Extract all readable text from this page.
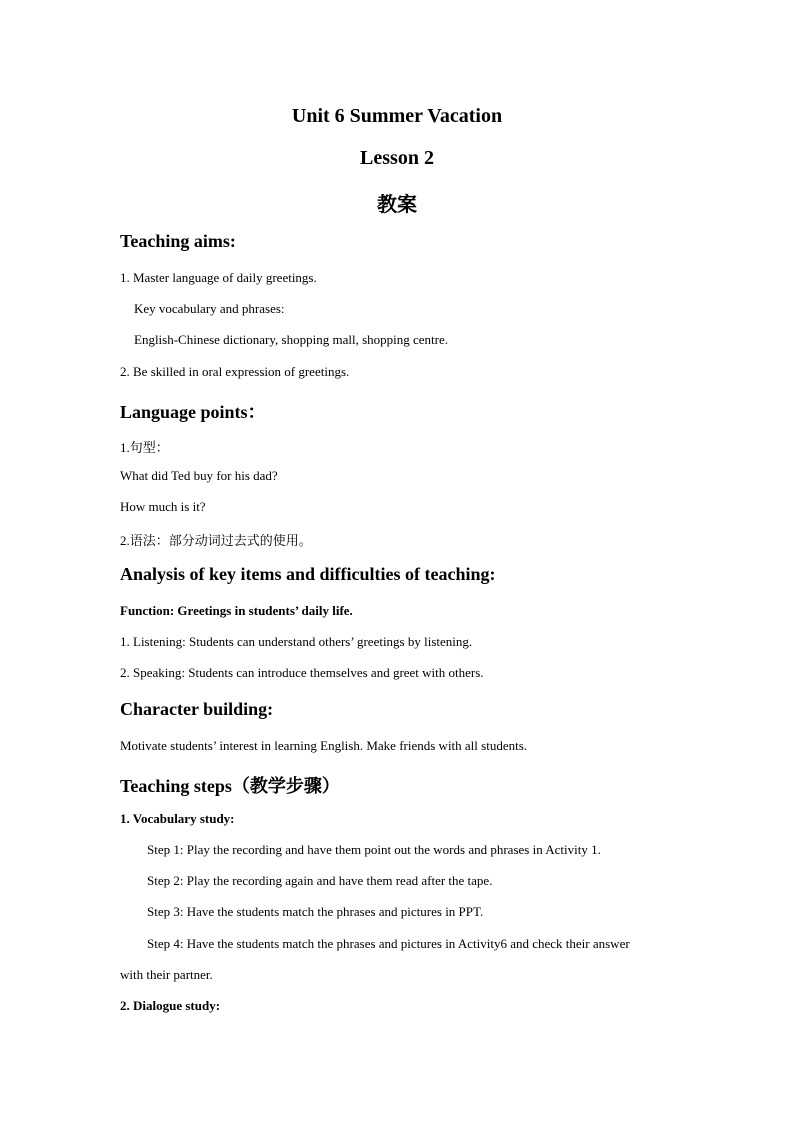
Unit 6 Summer Vacation
Lesson 2
教案
Teaching aims:
1. Master language of daily greetings.
Key vocabulary and phrases:
English-Chinese dictionary, shopping mall, shopping centre.
2. Be skilled in oral expression of greetings.
Language points：
1.句型：
What did Ted buy for his dad?
How much is it?
2.语法：部分动词过去式的使用。
Analysis of key items and difficulties of teaching:
Function: Greetings in students’ daily life.
1. Listening: Students can understand others’ greetings by listening.
2. Speaking: Students can introduce themselves and greet with others.
Character building:
Motivate students’ interest in learning English. Make friends with all students.
Teaching steps（教学步骤）
1. Vocabulary study:
Step 1: Play the recording and have them point out the words and phrases in Activity 1.
Step 2: Play the recording again and have them read after the tape.
Step 3: Have the students match the phrases and pictures in PPT.
Step 4: Have the students match the phrases and pictures in Activity6 and check their answer
with their partner.
2. Dialogue study:
